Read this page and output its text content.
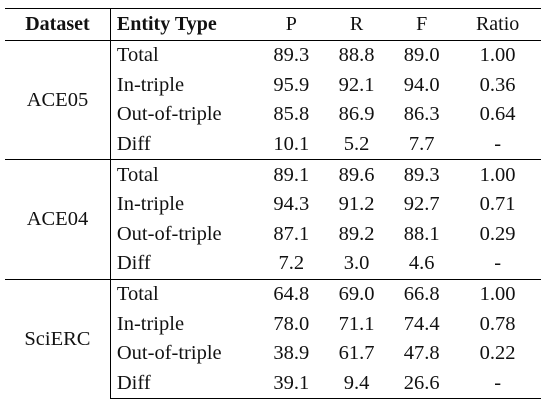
Dataset	Entity Type	P	R	F	Ratio
ACE05	Total	89.3	88.8	89.0	1.00
	In-triple	95.9	92.1	94.0	0.36
	Out-of-triple	85.8	86.9	86.3	0.64
	Diff	10.1	5.2	7.7	-
ACE04	Total	89.1	89.6	89.3	1.00
	In-triple	94.3	91.2	92.7	0.71
	Out-of-triple	87.1	89.2	88.1	0.29
	Diff	7.2	3.0	4.6	-
SciERC	Total	64.8	69.0	66.8	1.00
	In-triple	78.0	71.1	74.4	0.78
	Out-of-triple	38.9	61.7	47.8	0.22
	Diff	39.1	9.4	26.6	-
